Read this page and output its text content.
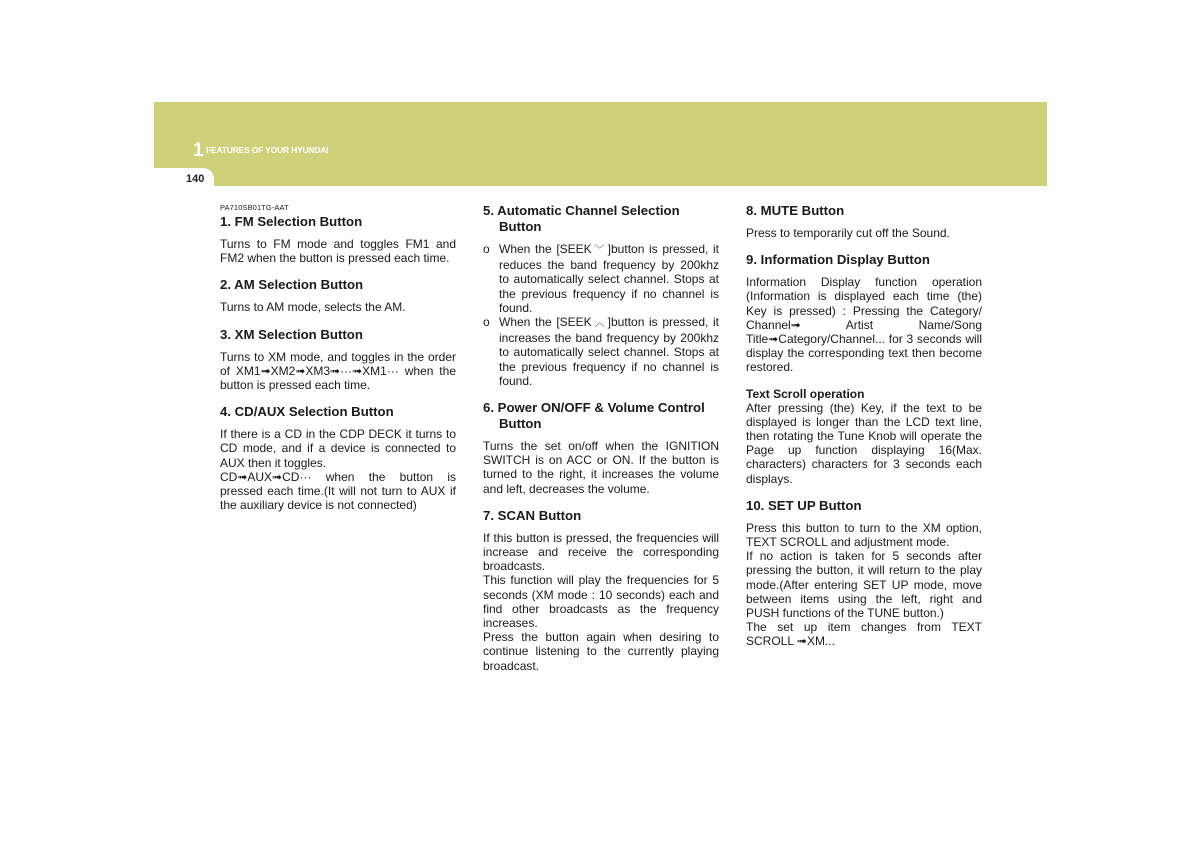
1 FEATURES OF YOUR HYUNDAI
140
PA710SB01TG-AAT
1. FM Selection Button

Turns to FM mode and toggles FM1 and FM2 when the button is pressed each time.

2. AM Selection Button

Turns to AM mode, selects the AM.

3. XM Selection Button

Turns to XM mode, and toggles in the order of XM1➟XM2➟XM3➟···➟XM1··· when the button is pressed each time.

4. CD/AUX Selection Button

If there is a CD in the CDP DECK it turns to CD mode, and if a device is connected to AUX then it toggles.

CD➟AUX➟CD··· when the button is pressed each time.(It will not turn to AUX if the auxiliary device is not connected)

5. Automatic Channel Selection
Button
o When the [SEEK ﹀ ]button is pressed, it reduces the band frequency by 200khz to automatically select channel. Stops at the previous frequency if no channel is found.
o When the [SEEK ︿ ]button is pressed, it increases the band frequency by 200khz to automatically select channel. Stops at the previous frequency if no channel is found.
6. Power ON/OFF & Volume Control
Button

Turns the set on/off when the IGNITION SWITCH is on ACC or ON. If the button is turned to the right, it increases the volume and left, decreases the volume.

7. SCAN Button

If this button is pressed, the frequencies will increase and receive the corresponding broadcasts.

This function will play the frequencies for 5 seconds (XM mode : 10 seconds) each and find other broadcasts as the frequency increases.

Press the button again when desiring to continue listening to the currently playing broadcast.

8. MUTE Button

Press to temporarily cut off the Sound.

9. Information Display Button

Information Display function operation (Information is displayed each time (the) Key is pressed) : Pressing the Category/ Channel➟ Artist Name/Song Title➟Category/Channel... for 3 seconds will display the corresponding text then become restored.

Text Scroll operation

After pressing (the) Key, if the text to be displayed is longer than the LCD text line, then rotating the Tune Knob will operate the Page up function displaying 16(Max. characters) characters for 3 seconds each displays.

10. SET UP Button

Press this button to turn to the XM option, TEXT SCROLL and adjustment mode.

If no action is taken for 5 seconds after pressing the button, it will return to the play mode.(After entering SET UP mode, move between items using the left, right and PUSH functions of the TUNE button.)

The set up item changes from TEXT SCROLL ➟XM...
